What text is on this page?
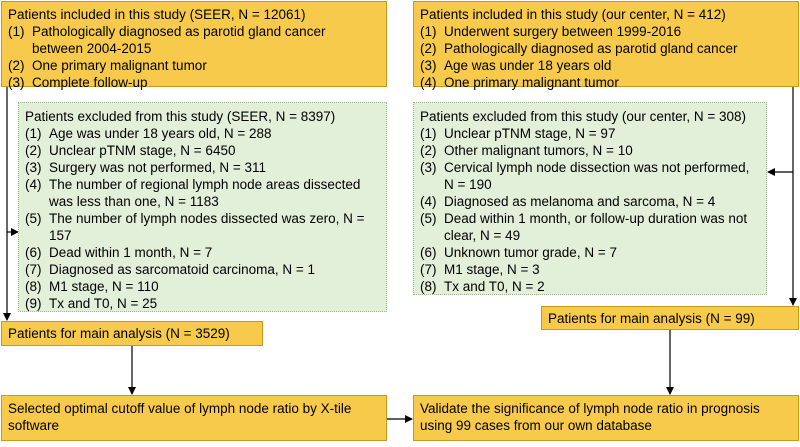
Patients included in this study (SEER, N = 12061)
(1) Pathologically diagnosed as parotid gland cancer between 2004-2015
(2) One primary malignant tumor
(3) Complete follow-up
Patients excluded from this study (SEER, N = 8397)
(1) Age was under 18 years old, N = 288
(2) Unclear pTNM stage, N = 6450
(3) Surgery was not performed, N = 311
(4) The number of regional lymph node areas dissected was less than one, N = 1183
(5) The number of lymph nodes dissected was zero, N = 157
(6) Dead within 1 month, N = 7
(7) Diagnosed as sarcomatoid carcinoma, N = 1
(8) M1 stage, N = 110
(9) Tx and T0, N = 25
Patients for main analysis (N = 3529)
Selected optimal cutoff value of lymph node ratio by X-tile software
Patients included in this study (our center, N = 412)
(1) Underwent surgery between 1999-2016
(2) Pathologically diagnosed as parotid gland cancer
(3) Age was under 18 years old
(4) One primary malignant tumor
Patients excluded from this study (our center, N = 308)
(1) Unclear pTNM stage, N = 97
(2) Other malignant tumors, N = 10
(3) Cervical lymph node dissection was not performed, N = 190
(4) Diagnosed as melanoma and sarcoma, N = 4
(5) Dead within 1 month, or follow-up duration was not clear, N = 49
(6) Unknown tumor grade, N = 7
(7) M1 stage, N = 3
(8) Tx and T0, N = 2
Patients for main analysis (N = 99)
Validate the significance of lymph node ratio in prognosis using 99 cases from our own database
